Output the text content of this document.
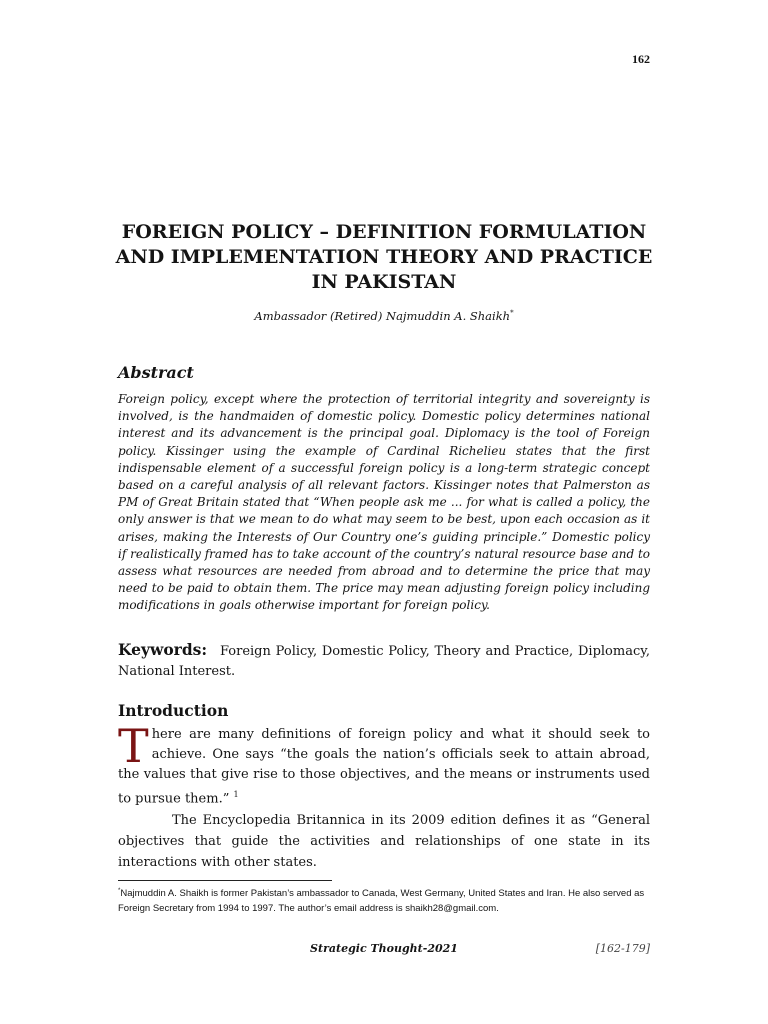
162
FOREIGN POLICY – DEFINITION FORMULATION AND IMPLEMENTATION THEORY AND PRACTICE IN PAKISTAN
Ambassador (Retired) Najmuddin A. Shaikh*
Abstract
Foreign policy, except where the protection of territorial integrity and sovereignty is involved, is the handmaiden of domestic policy. Domestic policy determines national interest and its advancement is the principal goal. Diplomacy is the tool of Foreign policy. Kissinger using the example of Cardinal Richelieu states that the first indispensable element of a successful foreign policy is a long-term strategic concept based on a careful analysis of all relevant factors. Kissinger notes that Palmerston as PM of Great Britain stated that “When people ask me ... for what is called a policy, the only answer is that we mean to do what may seem to be best, upon each occasion as it arises, making the Interests of Our Country one’s guiding principle.” Domestic policy if realistically framed has to take account of the country’s natural resource base and to assess what resources are needed from abroad and to determine the price that may need to be paid to obtain them. The price may mean adjusting foreign policy including modifications in goals otherwise important for foreign policy.
Keywords: Foreign Policy, Domestic Policy, Theory and Practice, Diplomacy, National Interest.
Introduction
There are many definitions of foreign policy and what it should seek to achieve. One says “the goals the nation’s officials seek to attain abroad, the values that give rise to those objectives, and the means or instruments used to pursue them.” $^1$
The Encyclopedia Britannica in its 2009 edition defines it as “General objectives that guide the activities and relationships of one state in its interactions with other states.
*Najmuddin A. Shaikh is former Pakistan’s ambassador to Canada, West Germany, United States and Iran. He also served as Foreign Secretary from 1994 to 1997. The author’s email address is shaikh28@gmail.com.
Strategic Thought-2021	[162-179]
